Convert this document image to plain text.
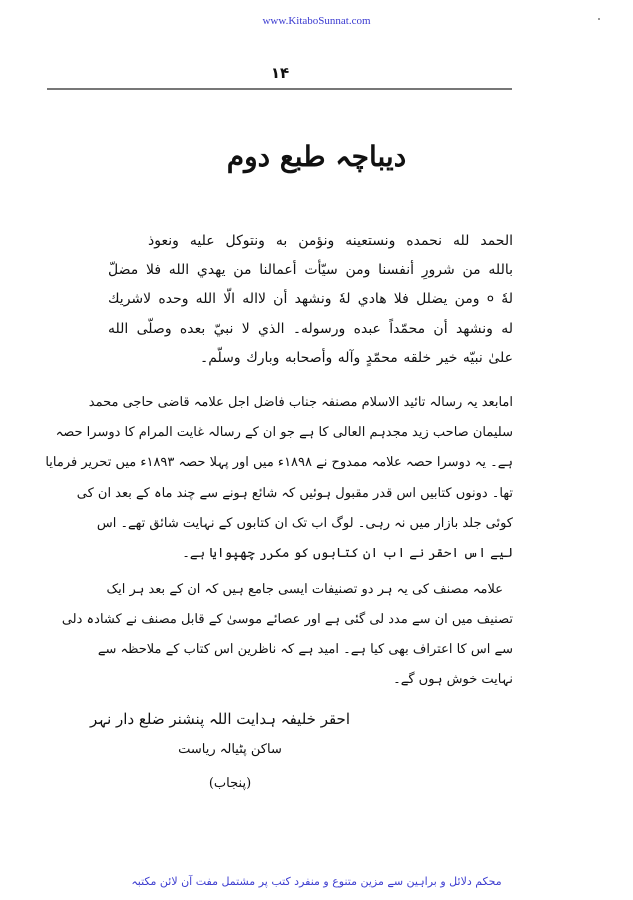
www.KitaboSunnat.com
۱۴
دیباچہ طبع دوم
الحمد لله نحمده ونستعينه ونؤمن به ونتوكل عليه ونعوذ
بالله من شرورِ أنفسنا ومن سيّأت أعمالنا من يهدي الله فلا مضلّ
لهٗ ० ومن يضلل فلا هادي لهٗ ونشهد أن لااله الّا الله وحده لاشريك
له ونشهد أن محمّداً عبده ورسوله۔ الذي لا نبيّ بعده وصلّى الله
علىٰ نبيّه خير خلقه محمّدٍ وآله وأصحابه وبارك وسلّم۔
امابعد یہ رسالہ تائید الاسلام مصنفہ جناب فاضل اجل علامہ قاضی حاجی محمد
سلیمان صاحب زید مجدہم العالی کا ہے جو ان کے رسالہ غایت المرام کا دوسرا حصہ
ہے۔ یہ دوسرا حصہ علامہ ممدوح نے ۱۸۹۸ء میں اور پہلا حصہ ۱۸۹۳ء میں تحریر فرمایا
تھا۔ دونوں کتابیں اس قدر مقبول ہوئیں کہ شائع ہونے سے چند ماہ کے بعد ان کی
کوئی جلد بازار میں نہ رہی۔ لوگ اب تک ان کتابوں کے نہایت شائق تھے۔ اس
لیے اس احقر نے اب ان کتابوں کو مکرر چھپوایا ہے۔
علامہ مصنف کی یہ ہر دو تصنیفات ایسی جامع ہیں کہ ان کے بعد ہر ایک
تصنیف میں ان سے مدد لی گئی ہے اور عصائے موسیٰ کے قابل مصنف نے کشادہ دلی
سے اس کا اعتراف بھی کیا ہے۔ امید ہے کہ ناظرین اس کتاب کے ملاحظہ سے
نہایت خوش ہوں گے۔
احقر خلیفہ ہدایت اللہ پنشنر ضلع دار نہر
ساکن پٹیالہ ریاست
(پنجاب)
محکم دلائل و براہین سے مزین متنوع و منفرد کتب پر مشتمل مفت آن لائن مکتبہ
